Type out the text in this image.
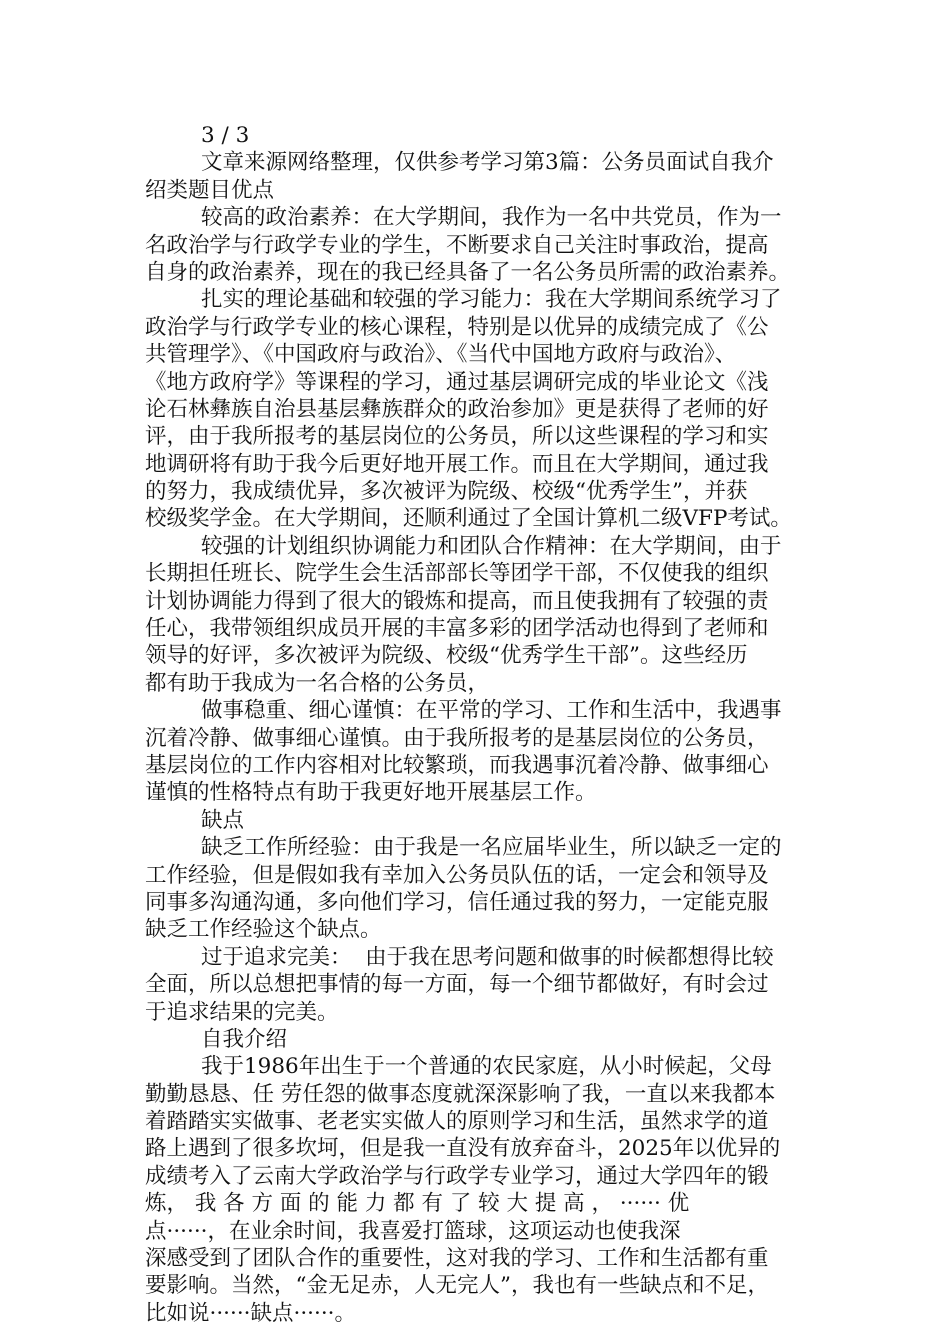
3 / 3
文章来源网络整理，仅供参考学习第3篇：公务员面试自我介
绍类题目优点
较高的政治素养：在大学期间，我作为一名中共党员，作为一
名政治学与行政学专业的学生，不断要求自己关注时事政治，提高
自身的政治素养，现在的我已经具备了一名公务员所需的政治素养。
扎实的理论基础和较强的学习能力：我在大学期间系统学习了
政治学与行政学专业的核心课程，特别是以优异的成绩完成了《公
共管理学》、《中国政府与政治》、《当代中国地方政府与政治》、
《地方政府学》等课程的学习，通过基层调研完成的毕业论文《浅
论石林彝族自治县基层彝族群众的政治参加》更是获得了老师的好
评，由于我所报考的基层岗位的公务员，所以这些课程的学习和实
地调研将有助于我今后更好地开展工作。而且在大学期间，通过我
的努力，我成绩优异，多次被评为院级、校级“优秀学生”，并获
校级奖学金。在大学期间，还顺利通过了全国计算机二级VFP考试。
较强的计划组织协调能力和团队合作精神：在大学期间，由于
长期担任班长、院学生会生活部部长等团学干部，不仅使我的组织
计划协调能力得到了很大的锻炼和提高，而且使我拥有了较强的责
任心，我带领组织成员开展的丰富多彩的团学活动也得到了老师和
领导的好评，多次被评为院级、校级“优秀学生干部”。这些经历
都有助于我成为一名合格的公务员，
做事稳重、细心谨慎：在平常的学习、工作和生活中，我遇事
沉着冷静、做事细心谨慎。由于我所报考的是基层岗位的公务员，
基层岗位的工作内容相对比较繁琐，而我遇事沉着冷静、做事细心
谨慎的性格特点有助于我更好地开展基层工作。
缺点
缺乏工作所经验：由于我是一名应届毕业生，所以缺乏一定的
工作经验，但是假如我有幸加入公务员队伍的话，一定会和领导及
同事多沟通沟通，多向他们学习，信任通过我的努力，一定能克服
缺乏工作经验这个缺点。
过于追求完美：  由于我在思考问题和做事的时候都想得比较
全面，所以总想把事情的每一方面，每一个细节都做好，有时会过
于追求结果的完美。
自我介绍
我于1986年出生于一个普通的农民家庭，从小时候起，父母
勤勤恳恳、任 劳任怨的做事态度就深深影响了我，一直以来我都本
着踏踏实实做事、老老实实做人的原则学习和生活，虽然求学的道
路上遇到了很多坎坷，但是我一直没有放弃奋斗，2025年以优异的
成绩考入了云南大学政治学与行政学专业学习，通过大学四年的锻
炼， 我 各 方 面 的 能 力 都 有 了 较 大 提 高 ， ······ 优
点······，在业余时间，我喜爱打篮球，这项运动也使我深
深感受到了团队合作的重要性，这对我的学习、工作和生活都有重
要影响。当然，“金无足赤，人无完人”，我也有一些缺点和不足，
比如说······缺点······。
